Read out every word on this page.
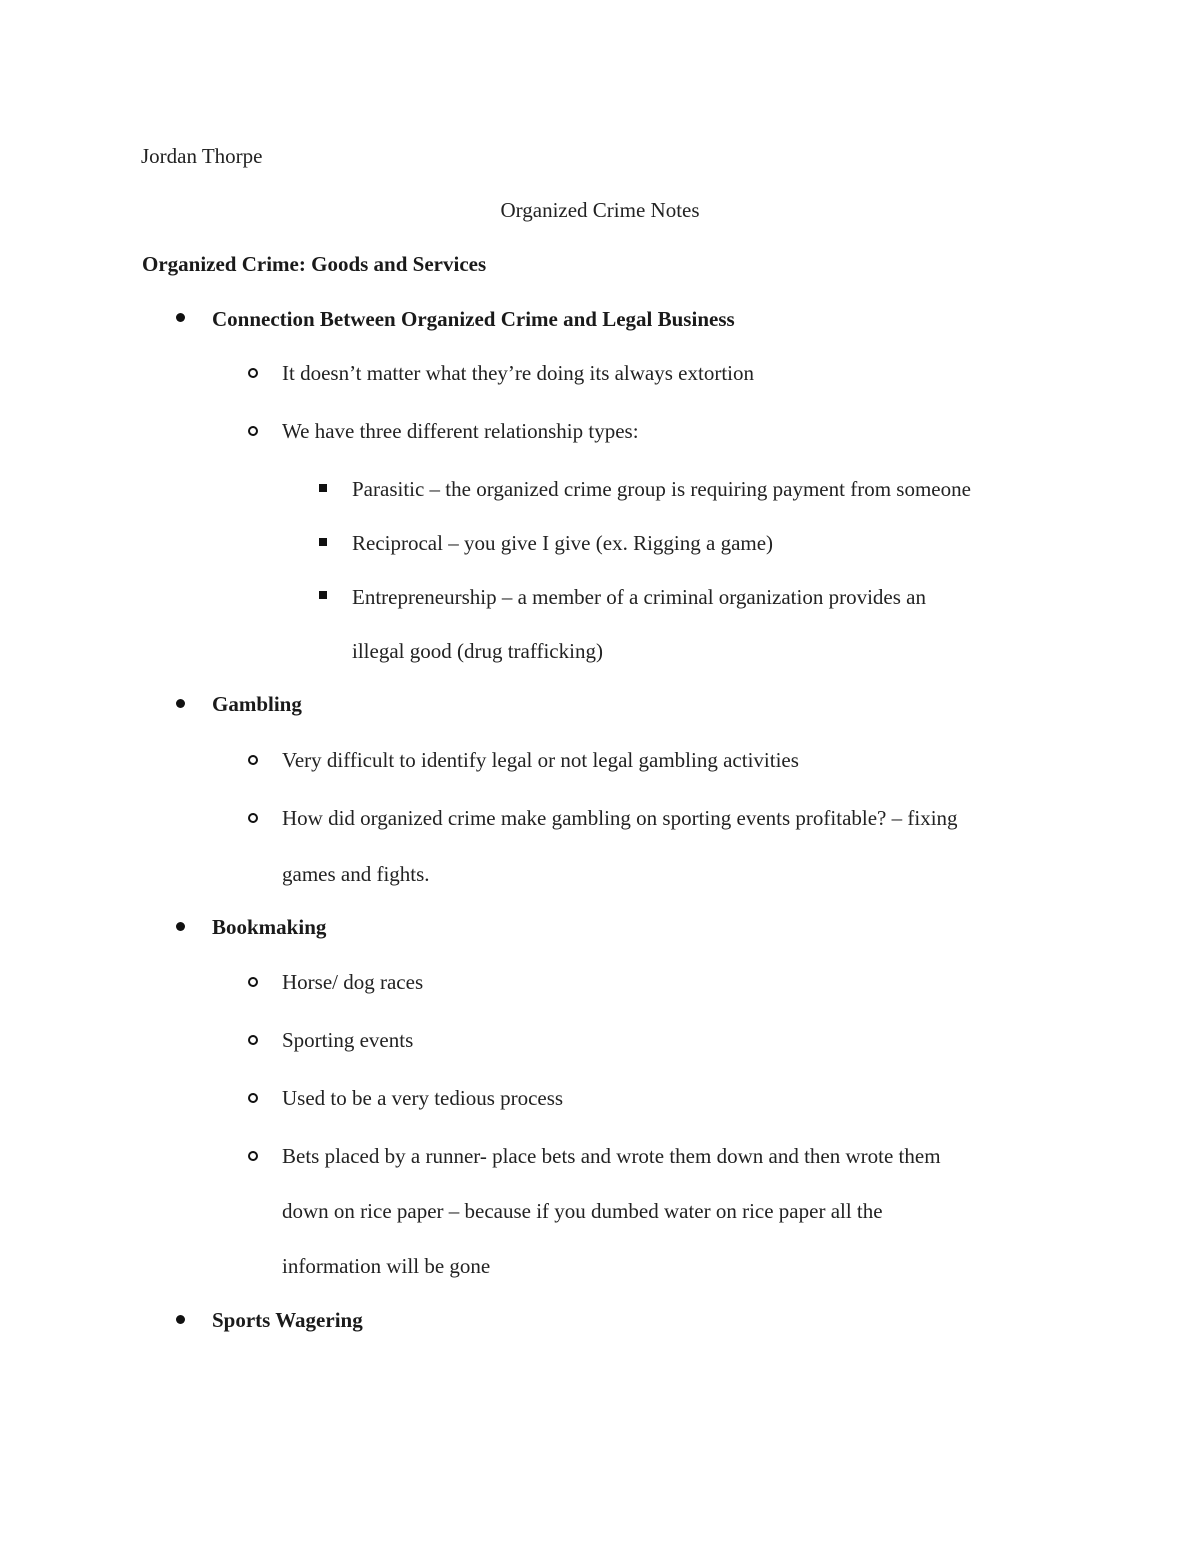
Jordan Thorpe
Organized Crime Notes
Organized Crime: Goods and Services
Connection Between Organized Crime and Legal Business
It doesn’t matter what they’re doing its always extortion
We have three different relationship types:
Parasitic – the organized crime group is requiring payment from someone
Reciprocal – you give I give (ex. Rigging a game)
Entrepreneurship – a member of a criminal organization provides an
illegal good (drug trafficking)
Gambling
Very difficult to identify legal or not legal gambling activities
How did organized crime make gambling on sporting events profitable? – fixing
games and fights.
Bookmaking
Horse/ dog races
Sporting events
Used to be a very tedious process
Bets placed by a runner- place bets and wrote them down and then wrote them
down on rice paper – because if you dumbed water on rice paper all the
information will be gone
Sports Wagering
